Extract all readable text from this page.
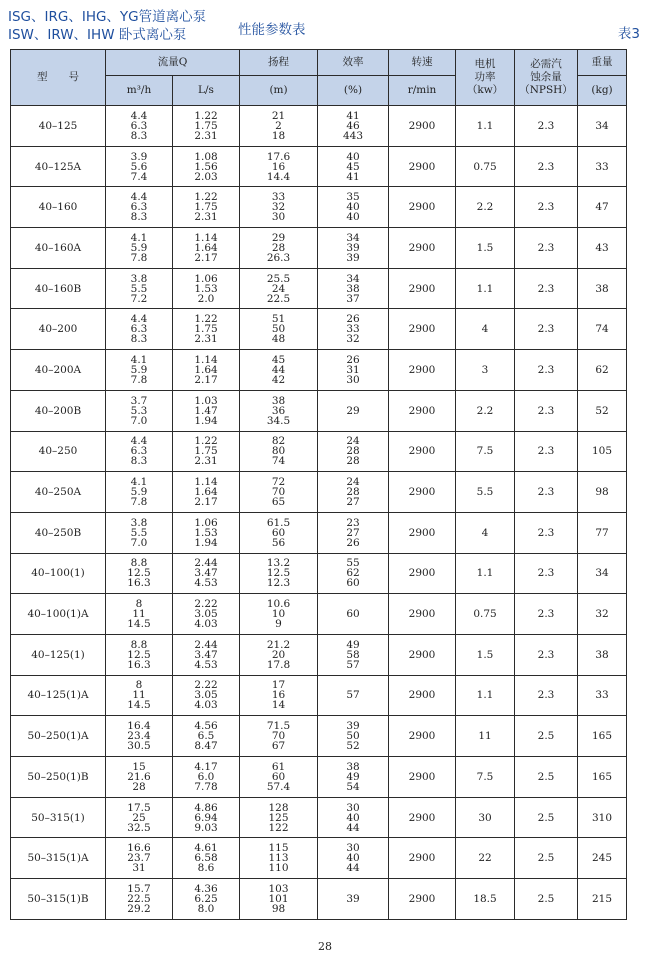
ISG、IRG、IHG、YG管道离心泵
ISW、IRW、IHW 卧式离心泵	性能参数表	表3
型　　号	流量Q		扬程	效率	转速	电机
功率
（kw）	必需汽
蚀余量
（NPSH）	重量
	m³/h	L/s	(m)	(%)	r/min			(kg)
40–125	4.4
6.3
8.3	1.22
1.75
2.31	21
2
18	41
46
443	2900	1.1	2.3	34
40–125A	3.9
5.6
7.4	1.08
1.56
2.03	17.6
16
14.4	40
45
41	2900	0.75	2.3	33
40–160	4.4
6.3
8.3	1.22
1.75
2.31	33
32
30	35
40
40	2900	2.2	2.3	47
40–160A	4.1
5.9
7.8	1.14
1.64
2.17	29
28
26.3	34
39
39	2900	1.5	2.3	43
40–160B	3.8
5.5
7.2	1.06
1.53
2.0	25.5
24
22.5	34
38
37	2900	1.1	2.3	38
40–200	4.4
6.3
8.3	1.22
1.75
2.31	51
50
48	26
33
32	2900	4	2.3	74
40–200A	4.1
5.9
7.8	1.14
1.64
2.17	45
44
42	26
31
30	2900	3	2.3	62
40–200B	3.7
5.3
7.0	1.03
1.47
1.94	38
36
34.5	29	2900	2.2	2.3	52
40–250	4.4
6.3
8.3	1.22
1.75
2.31	82
80
74	24
28
28	2900	7.5	2.3	105
40–250A	4.1
5.9
7.8	1.14
1.64
2.17	72
70
65	24
28
27	2900	5.5	2.3	98
40–250B	3.8
5.5
7.0	1.06
1.53
1.94	61.5
60
56	23
27
26	2900	4	2.3	77
40–100(1)	8.8
12.5
16.3	2.44
3.47
4.53	13.2
12.5
12.3	55
62
60	2900	1.1	2.3	34
40–100(1)A	8
11
14.5	2.22
3.05
4.03	10.6
10
9	60	2900	0.75	2.3	32
40–125(1)	8.8
12.5
16.3	2.44
3.47
4.53	21.2
20
17.8	49
58
57	2900	1.5	2.3	38
40–125(1)A	8
11
14.5	2.22
3.05
4.03	17
16
14	57	2900	1.1	2.3	33
50–250(1)A	16.4
23.4
30.5	4.56
6.5
8.47	71.5
70
67	39
50
52	2900	11	2.5	165
50–250(1)B	15
21.6
28	4.17
6.0
7.78	61
60
57.4	38
49
54	2900	7.5	2.5	165
50–315(1)	17.5
25
32.5	4.86
6.94
9.03	128
125
122	30
40
44	2900	30	2.5	310
50–315(1)A	16.6
23.7
31	4.61
6.58
8.6	115
113
110	30
40
44	2900	22	2.5	245
50–315(1)B	15.7
22.5
29.2	4.36
6.25
8.0	103
101
98	39	2900	18.5	2.5	215
28
